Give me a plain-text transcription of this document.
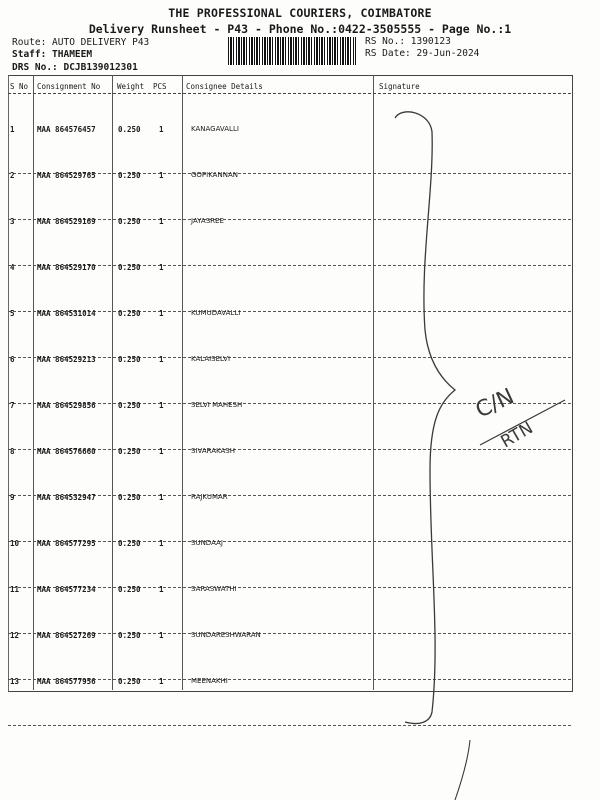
THE PROFESSIONAL COURIERS, COIMBATORE
Delivery Runsheet - P43 - Phone No.:0422-3505555 - Page No.:1
Route: AUTO DELIVERY P43
Staff: THAMEEM
DRS No.: DCJB139012301
RS No.: 1390123
RS Date: 29-Jun-2024
S No Consignment No Weight PCS	Consignee Details	Signature
1	MAA 864576457	0.250 1	KANAGAVALLI
2	MAA 864529765	0.250 1	GOPIKANNAN
3	MAA 864529169	0.250 1	JAYASREE
4	MAA 864529170	0.250 1
5	MAA 864531014	0.250 1	KUMUDAVALLI
6	MAA 864529213	0.250 1	KALAISELVI
7	MAA 864529856	0.250 1	SELVI MAHESH
8	MAA 864576660	0.250 1	SIVARAKASH
9	MAA 864532947	0.250 1	RAJKUMAR
10 MAA 864577295	0.250 1	SUNDAAJ
11 MAA 864577234	0.250 1	SARASWATHI
12 MAA 864527269	0.250 1	SUNDARESHWARAN
13 MAA 864577956	0.250 1	MEENAKHI
C/N
RTN
